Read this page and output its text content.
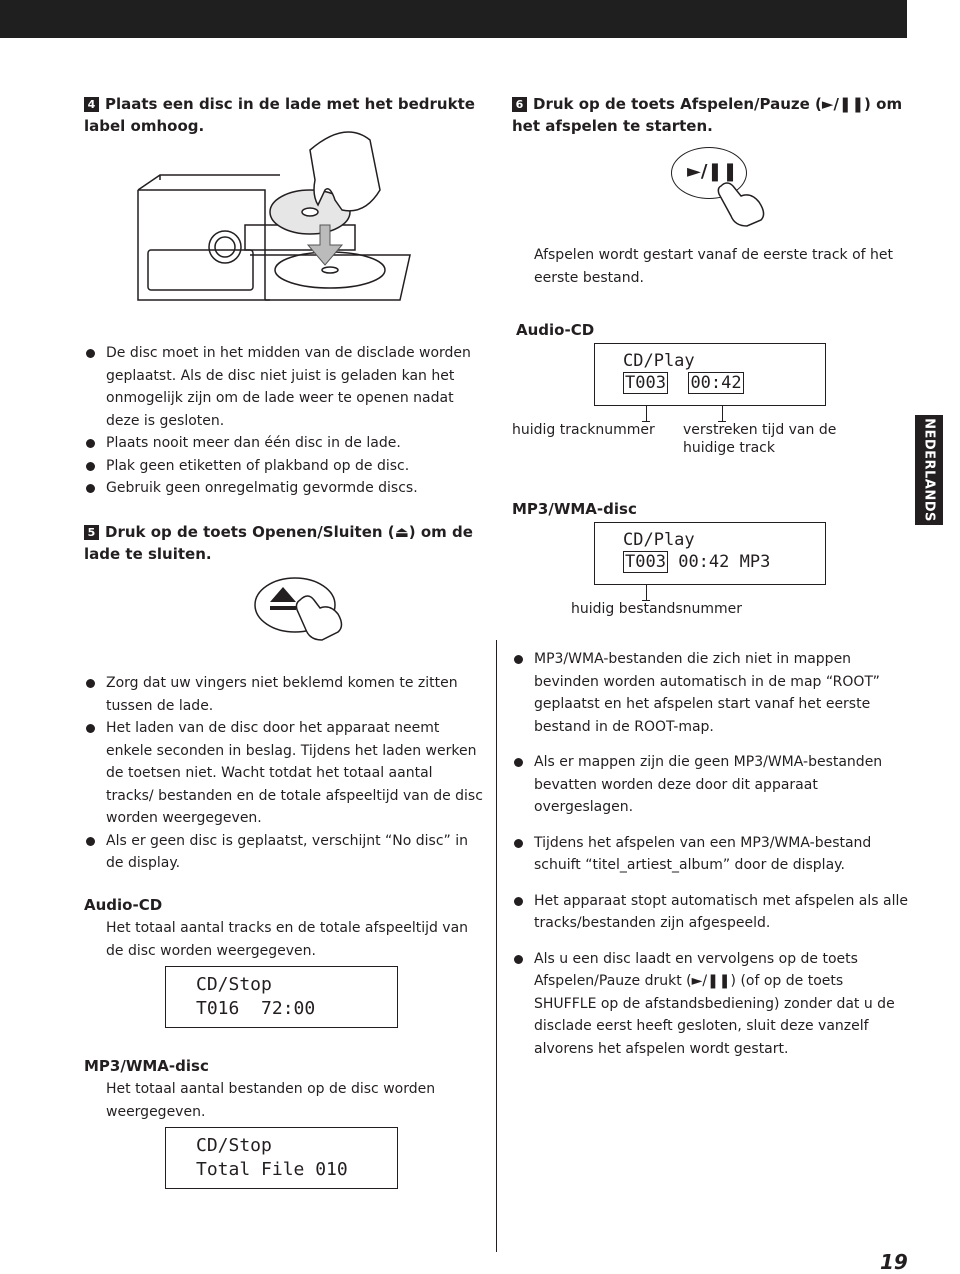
4 Plaats een disc in de lade met het bedrukte label omhoog.

De disc moet in het midden van de disclade worden geplaatst. Als de disc niet juist is geladen kan het onmogelijk zijn om de lade weer te openen nadat deze is gesloten.
Plaats nooit meer dan één disc in de lade.
Plak geen etiketten of plakband op de disc.
Gebruik geen onregelmatig gevormde discs.

5 Druk op de toets Openen/Sluiten (⏏) om de lade te sluiten.

Zorg dat uw vingers niet beklemd komen te zitten tussen de lade.
Het laden van de disc door het apparaat neemt enkele seconden in beslag. Tijdens het laden werken de toetsen niet. Wacht totdat het totaal aantal tracks/ bestanden en de totale afspeeltijd van de disc worden weergegeven.
Als er geen disc is geplaatst, verschijnt “No disc” in de display.

Audio-CD

Het totaal aantal tracks en de totale afspeeltijd van de disc worden weergegeven.

CD/Stop
T016  72:00

MP3/WMA-disc

Het totaal aantal bestanden op de disc worden weergegeven.

CD/Stop
Total File 010

6 Druk op de toets Afspelen/Pauze (►/❚❚) om het afspelen te starten.

►/❚❚

Afspelen wordt gestart vanaf de eerste track of het eerste bestand.

Audio-CD

CD/Play
T003 00:42

huidig tracknummer verstreken tijd van de huidige track

MP3/WMA-disc

CD/Play
T003 00:42 MP3

huidig bestandsnummer

MP3/WMA-bestanden die zich niet in mappen bevinden worden automatisch in de map “ROOT” geplaatst en het afspelen start vanaf het eerste bestand in de ROOT-map.
Als er mappen zijn die geen MP3/WMA-bestanden bevatten worden deze door dit apparaat overgeslagen.
Tijdens het afspelen van een MP3/WMA-bestand schuift “titel_artiest_album” door de display.
Het apparaat stopt automatisch met afspelen als alle tracks/bestanden zijn afgespeeld.
Als u een disc laadt en vervolgens op de toets Afspelen/Pauze drukt (►/❚❚) (of op de toets SHUFFLE op de afstandsbediening) zonder dat u de disclade eerst heeft gesloten, sluit deze vanzelf alvorens het afspelen wordt gestart.
NEDERLANDS
19
